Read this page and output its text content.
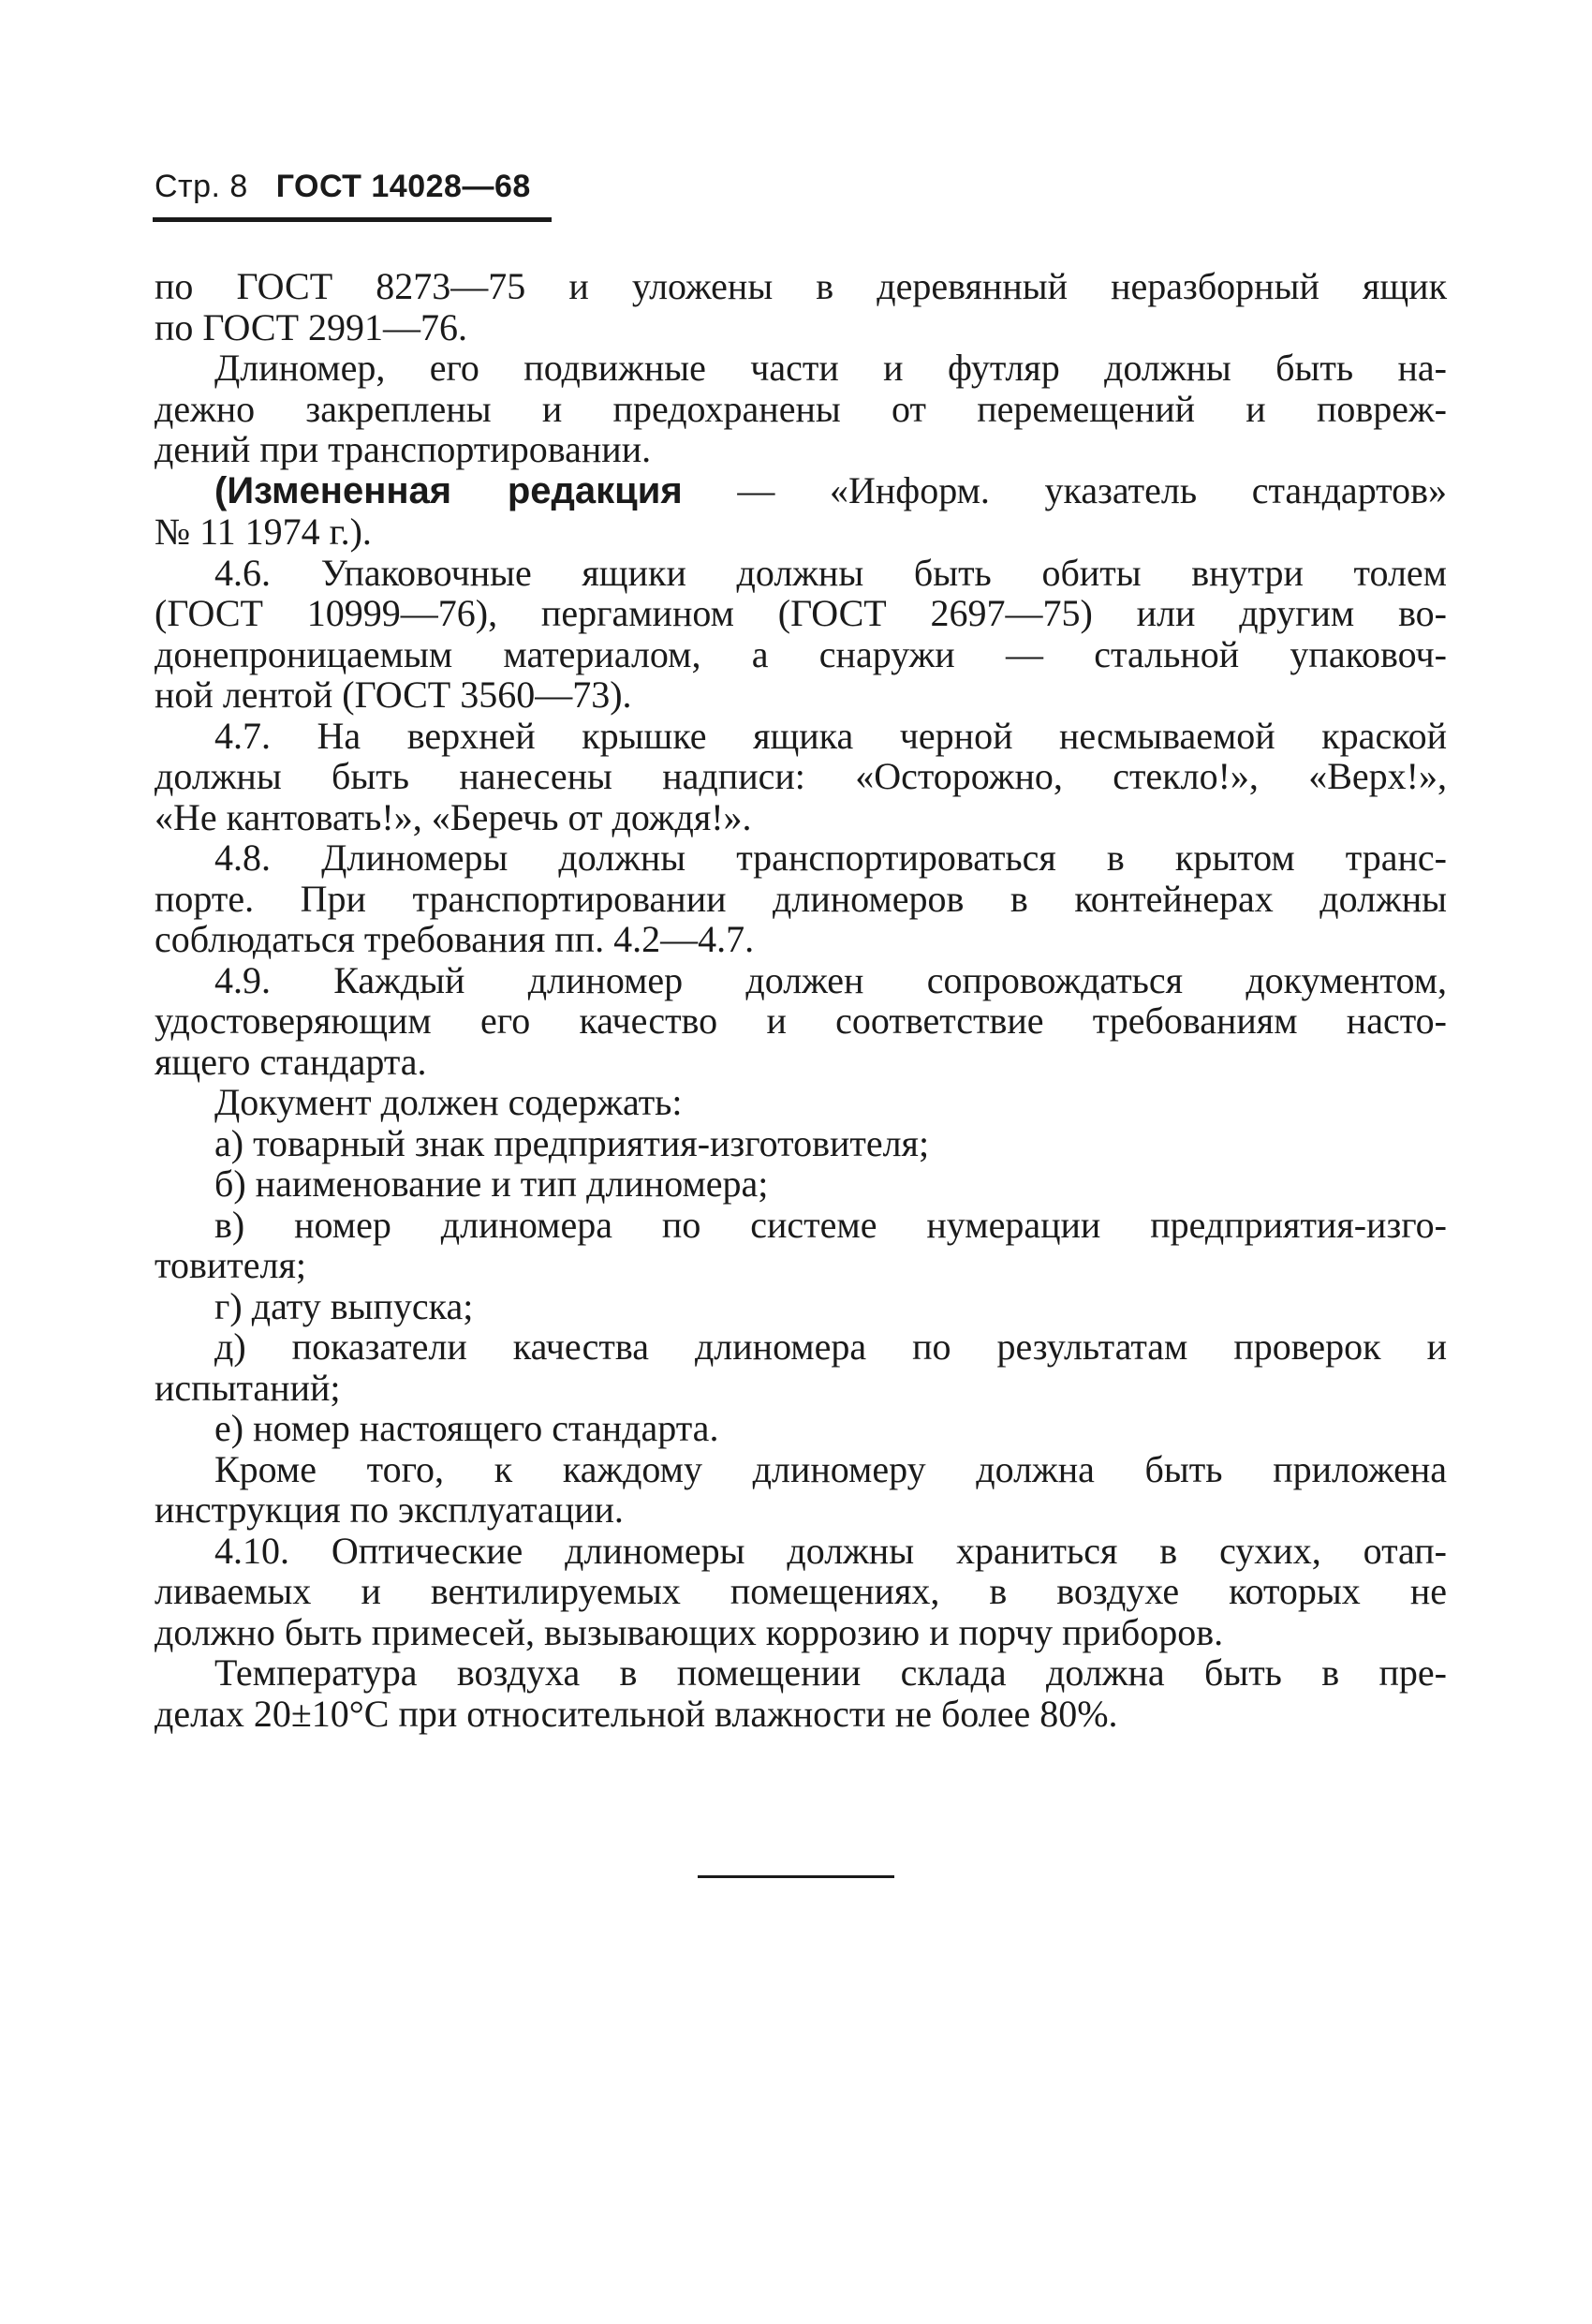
Стр. 8 ГОСТ 14028—68
по ГОСТ 8273—75 и уложены в деревянный неразборный ящик
по ГОСТ 2991—76.
Длиномер, его подвижные части и футляр должны быть на-
дежно закреплены и предохранены от перемещений и повреж-
дений при транспортировании.
(Измененная редакция — «Информ. указатель стандартов»
№ 11 1974 г.).
4.6. Упаковочные ящики должны быть обиты внутри толем
(ГОСТ 10999—76), пергамином (ГОСТ 2697—75) или другим во-
донепроницаемым материалом, а снаружи — стальной упаковоч-
ной лентой (ГОСТ 3560—73).
4.7. На верхней крышке ящика черной несмываемой краской
должны быть нанесены надписи: «Осторожно, стекло!», «Верх!»,
«Не кантовать!», «Беречь от дождя!».
4.8. Длиномеры должны транспортироваться в крытом транс-
порте. При транспортировании длиномеров в контейнерах должны
соблюдаться требования пп. 4.2—4.7.
4.9. Каждый длиномер должен сопровождаться документом,
удостоверяющим его качество и соответствие требованиям насто-
ящего стандарта.
Документ должен содержать:
а) товарный знак предприятия-изготовителя;
б) наименование и тип длиномера;
в) номер длиномера по системе нумерации предприятия-изго-
товителя;
г) дату выпуска;
д) показатели качества длиномера по результатам проверок и
испытаний;
е) номер настоящего стандарта.
Кроме того, к каждому длиномеру должна быть приложена
инструкция по эксплуатации.
4.10. Оптические длиномеры должны храниться в сухих, отап-
ливаемых и вентилируемых помещениях, в воздухе которых не
должно быть примесей, вызывающих коррозию и порчу приборов.
Температура воздуха в помещении склада должна быть в пре-
делах 20±10°С при относительной влажности не более 80%.
